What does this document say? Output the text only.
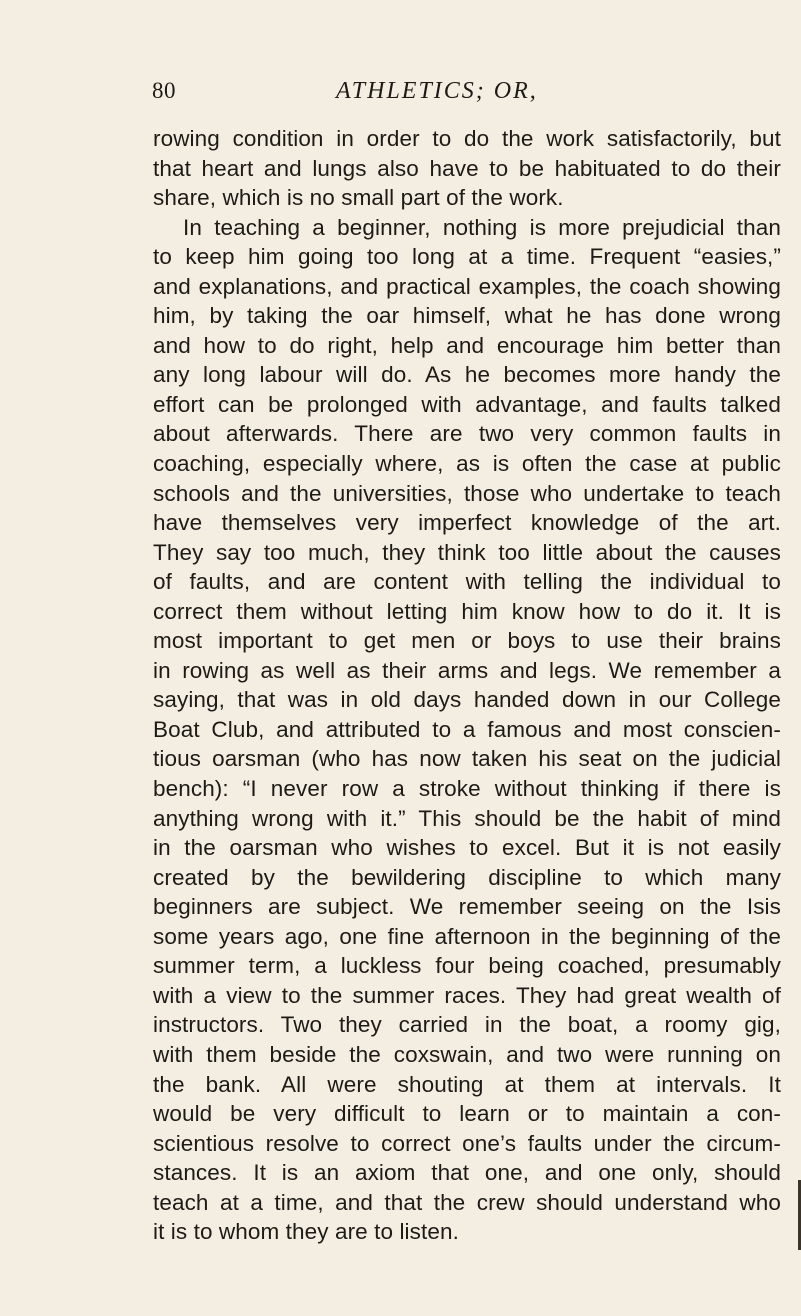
80	ATHLETICS; OR,
rowing condition in order to do the work satisfactorily, but
that heart and lungs also have to be habituated to do their
share, which is no small part of the work.
In teaching a beginner, nothing is more prejudicial than
to keep him going too long at a time. Frequent “easies,”
and explanations, and practical examples, the coach showing
him, by taking the oar himself, what he has done wrong
and how to do right, help and encourage him better than
any long labour will do. As he becomes more handy the
effort can be prolonged with advantage, and faults talked
about afterwards. There are two very common faults in
coaching, especially where, as is often the case at public
schools and the universities, those who undertake to teach
have themselves very imperfect knowledge of the art.
They say too much, they think too little about the causes
of faults, and are content with telling the individual to
correct them without letting him know how to do it. It is
most important to get men or boys to use their brains
in rowing as well as their arms and legs. We remember a
saying, that was in old days handed down in our College
Boat Club, and attributed to a famous and most conscien-
tious oarsman (who has now taken his seat on the judicial
bench): “I never row a stroke without thinking if there is
anything wrong with it.” This should be the habit of mind
in the oarsman who wishes to excel. But it is not easily
created by the bewildering discipline to which many
beginners are subject. We remember seeing on the Isis
some years ago, one fine afternoon in the beginning of the
summer term, a luckless four being coached, presumably
with a view to the summer races. They had great wealth of
instructors. Two they carried in the boat, a roomy gig,
with them beside the coxswain, and two were running on
the bank. All were shouting at them at intervals. It
would be very difficult to learn or to maintain a con-
scientious resolve to correct one’s faults under the circum-
stances. It is an axiom that one, and one only, should
teach at a time, and that the crew should understand who
it is to whom they are to listen.
